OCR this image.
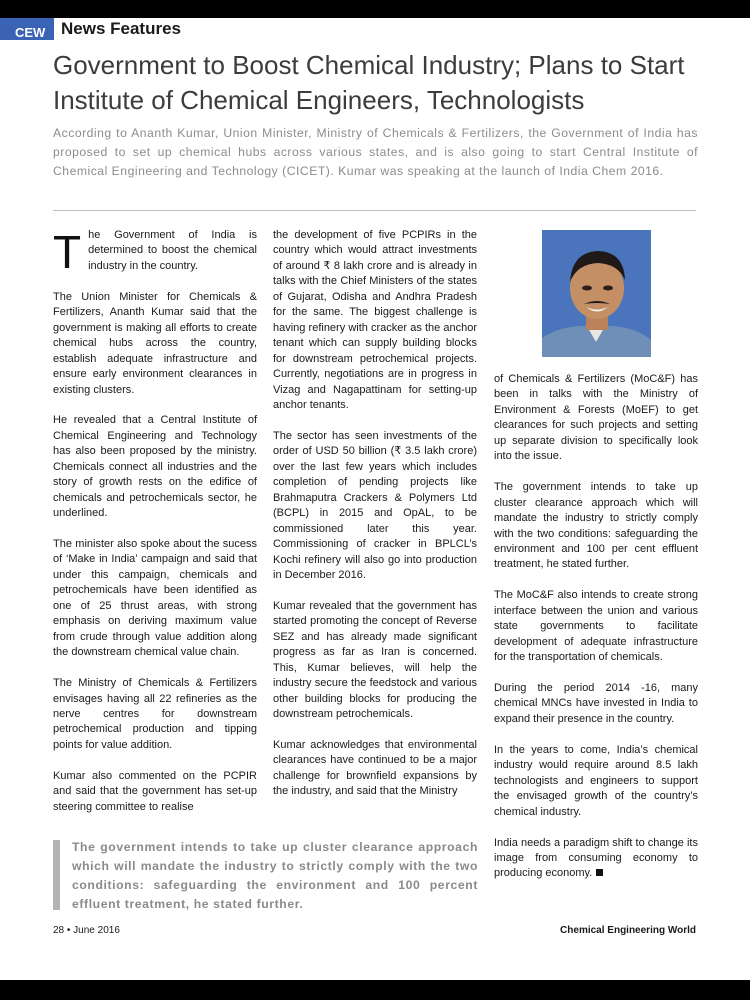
CEW News Features
Government to Boost Chemical Industry; Plans to Start Institute of Chemical Engineers, Technologists

According to Ananth Kumar, Union Minister, Ministry of Chemicals & Fertilizers, the Government of India has proposed to set up chemical hubs across various states, and is also going to start Central Institute of Chemical Engineering and Technology (CICET). Kumar was speaking at the launch of India Chem 2016.

The Government of India is determined to boost the chemical industry in the country.

The Union Minister for Chemicals & Fertilizers, Ananth Kumar said that the government is making all efforts to create chemical hubs across the country, establish adequate infrastructure and ensure early environment clearances in existing clusters.

He revealed that a Central Institute of Chemical Engineering and Technology has also been proposed by the ministry. Chemicals connect all industries and the story of growth rests on the edifice of chemicals and petrochemicals sector, he underlined.

The minister also spoke about the sucess of ‘Make in India’ campaign and said that under this campaign, chemicals and petrochemicals have been identified as one of 25 thrust areas, with strong emphasis on deriving maximum value from crude through value addition along the downstream chemical value chain.

The Ministry of Chemicals & Fertilizers envisages having all 22 refineries as the nerve centres for downstream petrochemical production and tipping points for value addition.

Kumar also commented on the PCPIR and said that the government has set-up steering committee to realise

the development of five PCPIRs in the country which would attract investments of around ₹ 8 lakh crore and is already in talks with the Chief Ministers of the states of Gujarat, Odisha and Andhra Pradesh for the same. The biggest challenge is having refinery with cracker as the anchor tenant which can supply building blocks for downstream petrochemical projects. Currently, negotiations are in progress in Vizag and Nagapattinam for setting-up anchor tenants.

The sector has seen investments of the order of USD 50 billion (₹ 3.5 lakh crore) over the last few years which includes completion of pending projects like Brahmaputra Crackers & Polymers Ltd (BCPL) in 2015 and OpAL, to be commissioned later this year. Commissioning of cracker in BPLCL’s Kochi refinery will also go into production in December 2016.

Kumar revealed that the government has started promoting the concept of Reverse SEZ and has already made significant progress as far as Iran is concerned. This, Kumar believes, will help the industry secure the feedstock and various other building blocks for producing the downstream petrochemicals.

Kumar acknowledges that environmental clearances have continued to be a major challenge for brownfield expansions by the industry, and said that the Ministry

of Chemicals & Fertilizers (MoC&F) has been in talks with the Ministry of Environment & Forests (MoEF) to get clearances for such projects and setting up separate division to specifically look into the issue.

The government intends to take up cluster clearance approach which will mandate the industry to strictly comply with the two conditions: safeguarding the environment and 100 per cent effluent treatment, he stated further.

The MoC&F also intends to create strong interface between the union and various state governments to facilitate development of adequate infrastructure for the transportation of chemicals.

During the period 2014 -16, many chemical MNCs have invested in India to expand their presence in the country.

In the years to come, India’s chemical industry would require around 8.5 lakh technologists and engineers to support the envisaged growth of the country’s chemical industry.

India needs a paradigm shift to change its image from consuming economy to producing economy.

The government intends to take up cluster clearance approach which will mandate the industry to strictly comply with the two conditions: safeguarding the environment and 100 percent effluent treatment, he stated further.
28 • June 2016	Chemical Engineering World
